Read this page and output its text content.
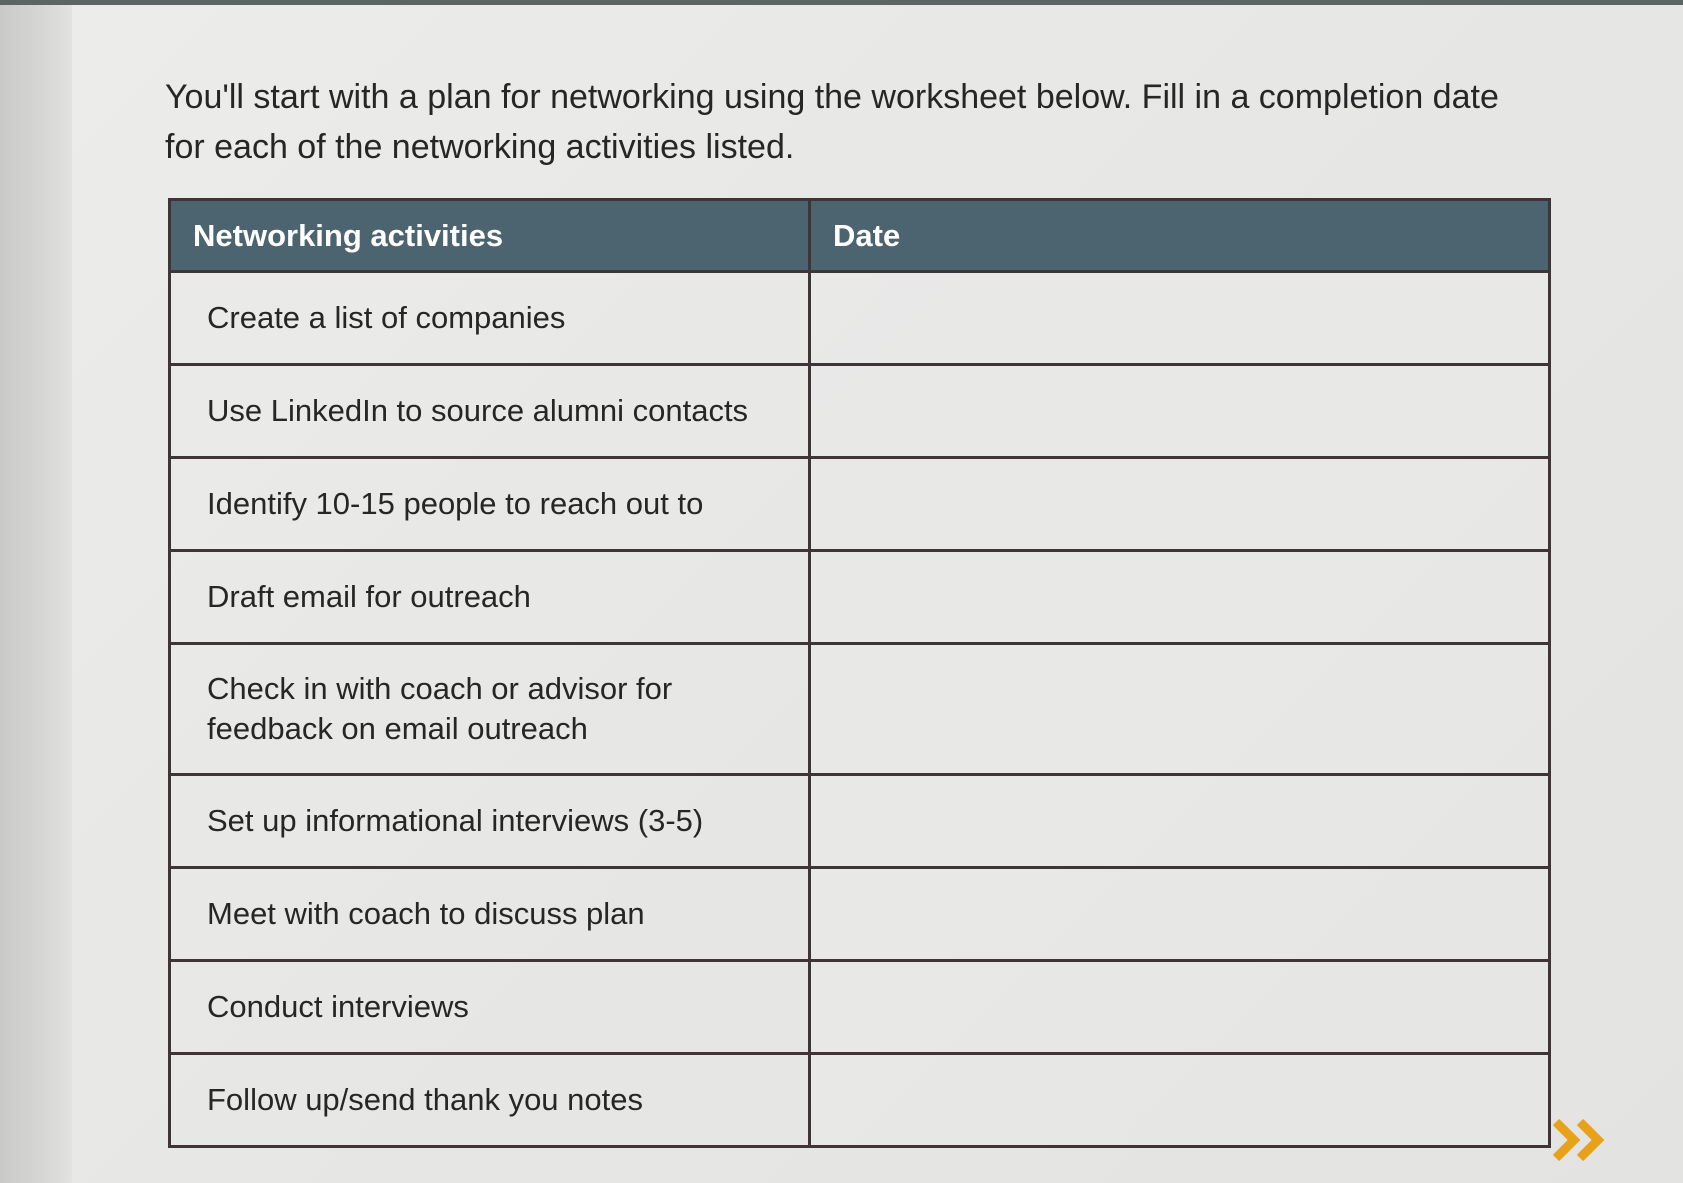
You'll start with a plan for networking using the worksheet below. Fill in a completion date for each of the networking activities listed.

Networking activities	Date
Create a list of companies	
Use LinkedIn to source alumni contacts	
Identify 10-15 people to reach out to	
Draft email for outreach	
Check in with coach or advisor for feedback on email outreach	
Set up informational interviews (3-5)	
Meet with coach to discuss plan	
Conduct interviews	
Follow up/send thank you notes	
